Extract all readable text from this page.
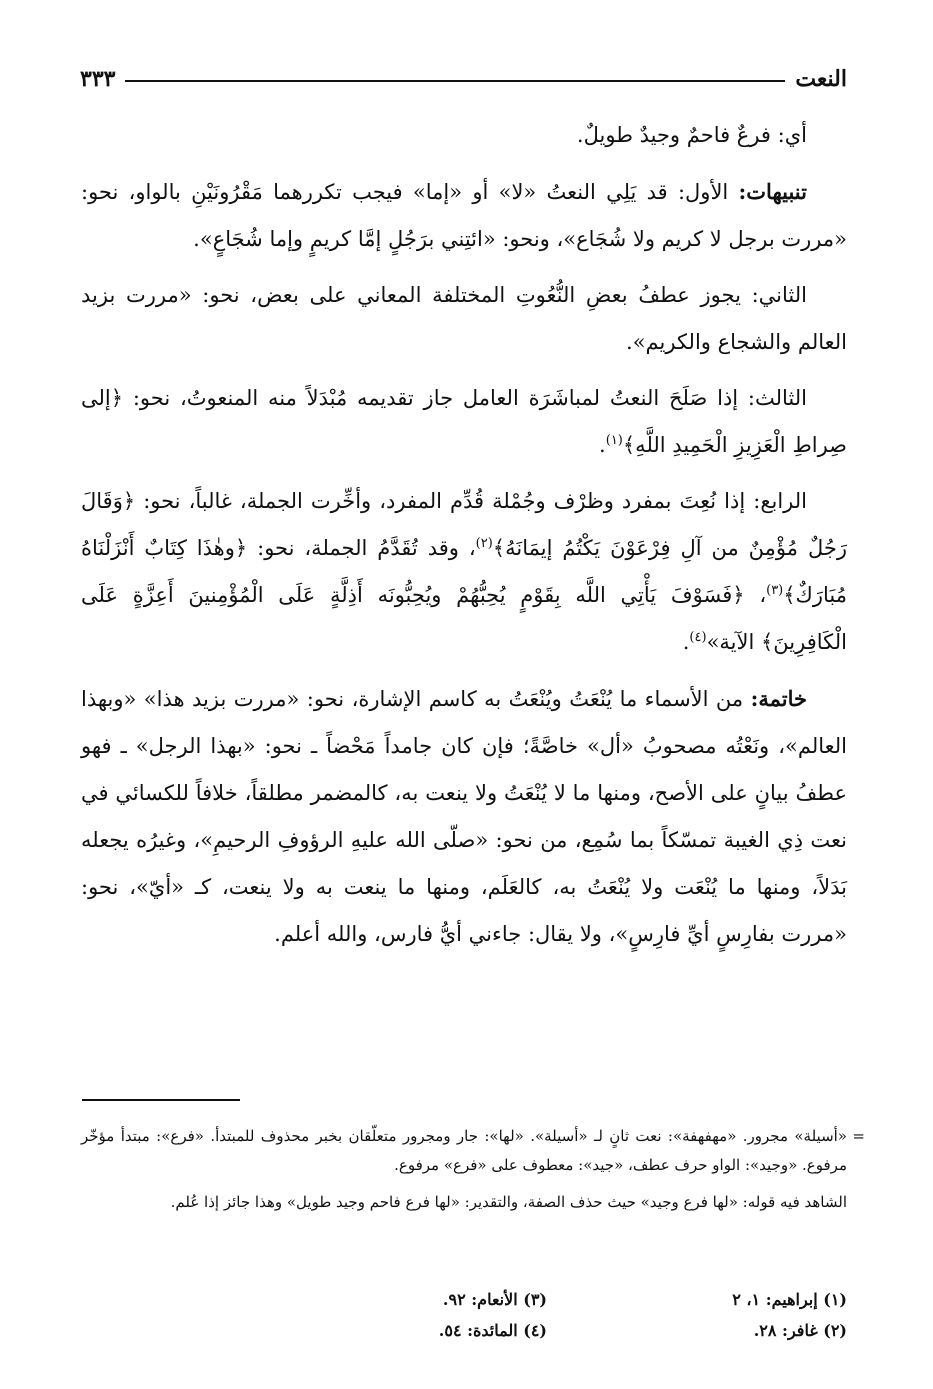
النعت
٣٣٣

أي: فرعٌ فاحمٌ وجيدٌ طويلٌ.

تنبيهات: الأول: قد يَلِي النعتُ «لا» أو «إما» فيجب تكررهما مَقْرُونَيْنِ بالواو، نحو: «مررت برجل لا كريم ولا شُجَاع»، ونحو: «ائتِني برَجُلٍ إمَّا كريمٍ وإما شُجَاعٍ».

الثاني: يجوز عطفُ بعضِ النُّعُوتِ المختلفة المعاني على بعض، نحو: «مررت بزيد العالم والشجاع والكريم».

الثالث: إذا صَلَحَ النعتُ لمباشَرَة العامل جاز تقديمه مُبْدَلاً منه المنعوتُ، نحو: ﴿إلى صِراطِ الْعَزِيزِ الْحَمِيدِ اللَّهِ﴾$^{(١)}$.

الرابع: إذا نُعِتَ بمفرد وظرْف وجُمْلة قُدِّم المفرد، وأخِّرت الجملة، غالباً، نحو: ﴿وَقَالَ رَجُلٌ مُؤْمِنٌ من آلِ فِرْعَوْنَ يَكْتُمُ إيمَانَهُ﴾$^{(٢)}$، وقد تُقَدَّمُ الجملة، نحو: ﴿وهٰذَا كِتَابٌ أَنْزَلْنَاهُ مُبَارَكٌ﴾$^{(٣)}$، ﴿فَسَوْفَ يَأْتِي اللَّه بِقَوْمٍ يُحِبُّهُمْ ويُحِبُّونَه أَذِلَّةٍ عَلَى الْمُؤْمِنينَ أَعِزَّةٍ عَلَى الْكَافِرِينَ﴾ الآية»$^{(٤)}$.

خاتمة: من الأسماء ما يُنْعَتُ ويُنْعَتُ به كاسم الإشارة، نحو: «مررت بزيد هذا» «وبهذا العالم»، ونَعْتُه مصحوبُ «أل» خاصَّةً؛ فإن كان جامداً مَحْضاً ـ نحو: «بهذا الرجل» ـ فهو عطفُ بيانٍ على الأصح، ومنها ما لا يُنْعَتُ ولا ينعت به، كالمضمر مطلقاً، خلافاً للكسائي في نعت ذِي الغيبة تمسّكاً بما سُمِع، من نحو: «صلّى الله عليهِ الرؤوفِ الرحيمِ»، وغيرُه يجعله بَدَلاً، ومنها ما يُنْعَت ولا يُنْعَتُ به، كالعَلَم، ومنها ما ينعت به ولا ينعت، كـ «أيّ»، نحو: «مررت بفارِسٍ أيِّ فارِسٍ»، ولا يقال: جاءني أيُّ فارس، والله أعلم.

=

«أسيلة» مجرور. «مهفهفة»: نعت ثانٍ لـ «أسيلة». «لها»: جار ومجرور متعلّقان بخبر محذوف للمبتدأ. «فرع»: مبتدأ مؤخّر مرفوع. «وجيد»: الواو حرف عطف، «جيد»: معطوف على «فرع» مرفوع.

الشاهد فيه قوله: «لها فرع وجيد» حيث حذف الصفة، والتقدير: «لها فرع فاحم وجيد طويل» وهذا جائز إذا عُلم.

(١) إبراهيم: ١، ٢
(٣) الأنعام: ٩٢.
(٢) غافر: ٢٨.
(٤) المائدة: ٥٤.
